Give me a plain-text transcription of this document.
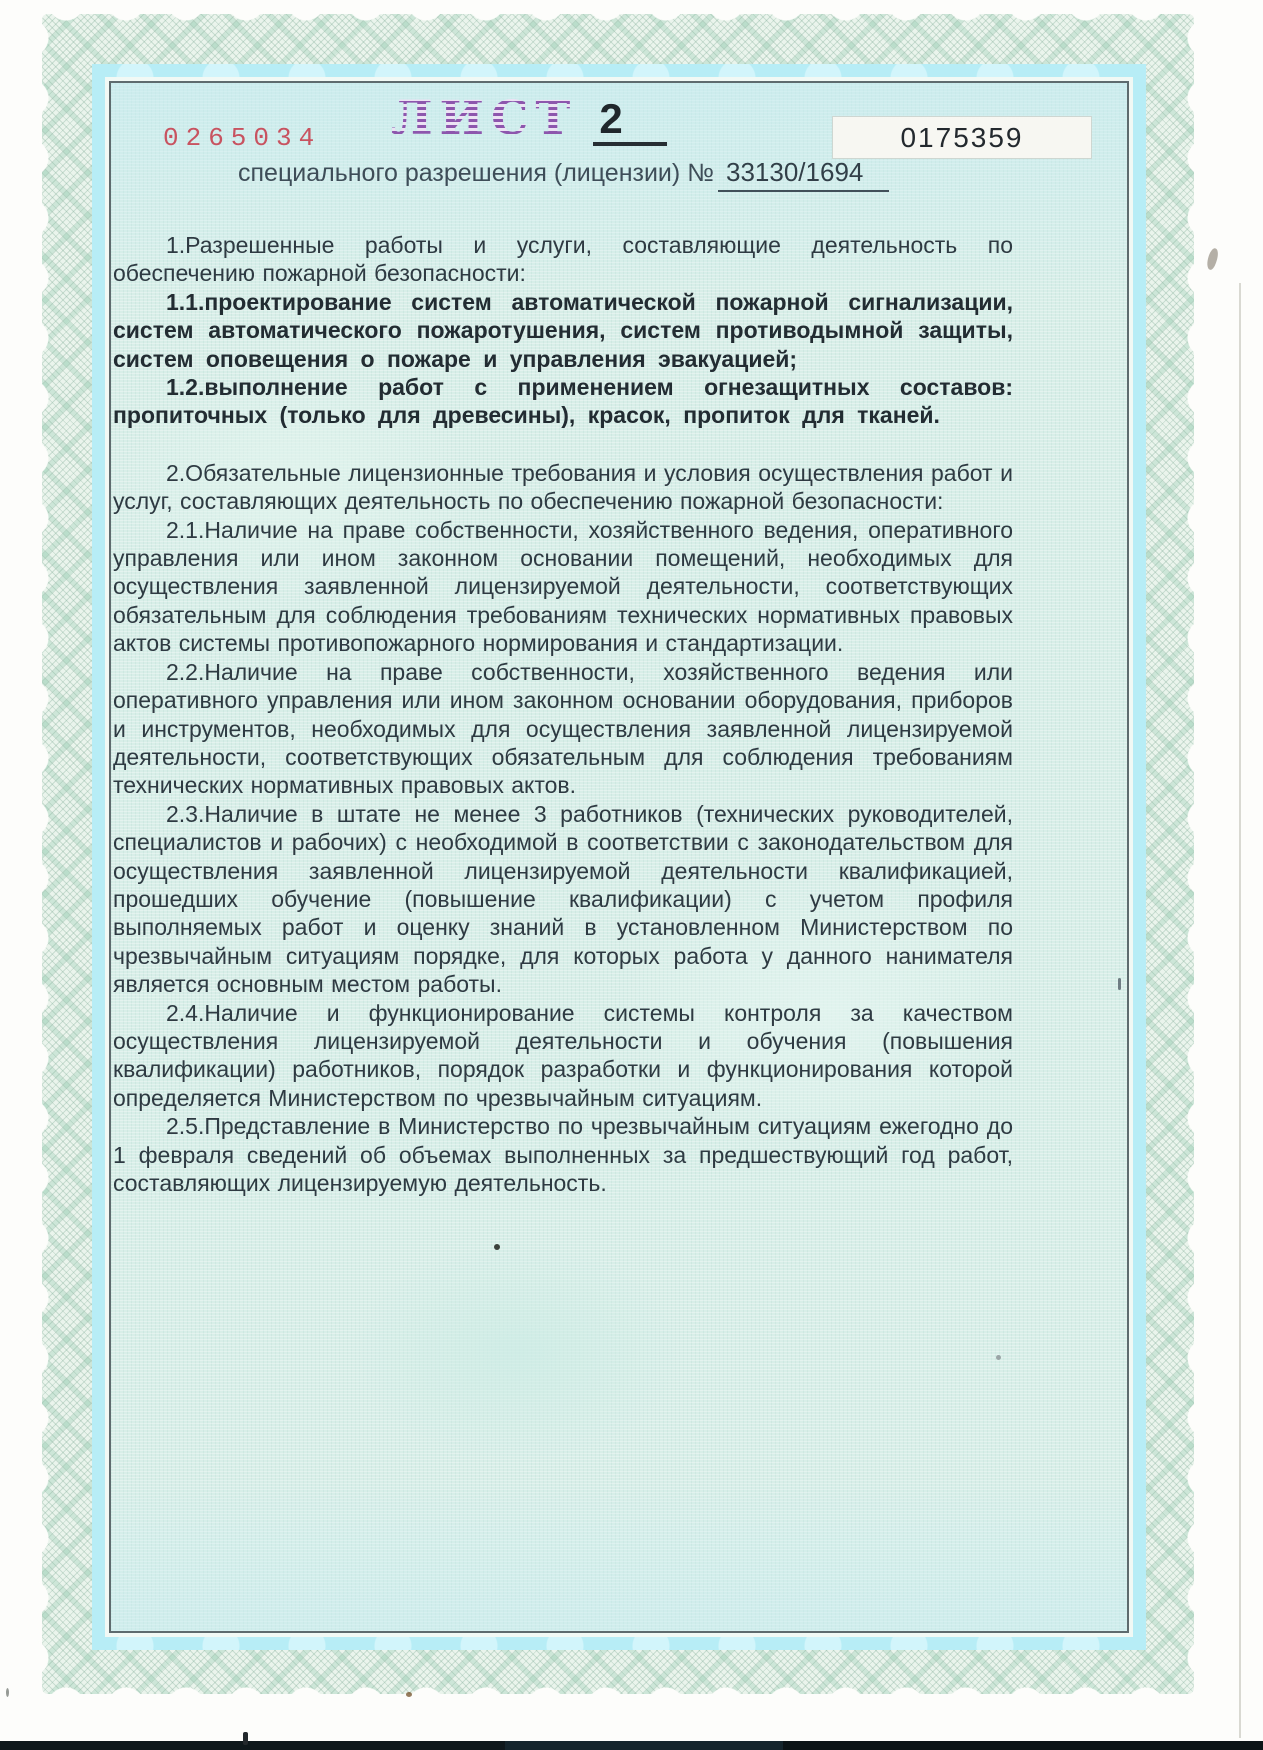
0265034 ЛИСТ 2	0175359
специального разрешения (лицензии) № 33130/1694

1.Разрешенные работы и услуги, составляющие деятельность по обеспечению пожарной безопасности:

1.1.проектирование систем автоматической пожарной сигнализации, систем автоматического пожаротушения, систем противодымной защиты, систем оповещения о пожаре и управления эвакуацией;

1.2.выполнение работ с применением огнезащитных составов: пропиточных (только для древесины), красок, пропиток для тканей.

2.Обязательные лицензионные требования и условия осуществления работ и услуг, составляющих деятельность по обеспечению пожарной безопасности:

2.1.Наличие на праве собственности, хозяйственного ведения, оперативного управления или ином законном основании помещений, необходимых для осуществления заявленной лицензируемой деятельности, соответствующих обязательным для соблюдения требованиям технических нормативных правовых актов системы противопожарного нормирования и стандартизации.

2.2.Наличие на праве собственности, хозяйственного ведения или оперативного управления или ином законном основании оборудования, приборов и инструментов, необходимых для осуществления заявленной лицензируемой деятельности, соответствующих обязательным для соблюдения требованиям технических нормативных правовых актов.

2.3.Наличие в штате не менее 3 работников (технических руководителей, специалистов и рабочих) с необходимой в соответствии с законодательством для осуществления заявленной лицензируемой деятельности квалификацией, прошедших обучение (повышение квалификации) с учетом профиля выполняемых работ и оценку знаний в установленном Министерством по чрезвычайным ситуациям порядке, для которых работа у данного нанимателя является основным местом работы.

2.4.Наличие и функционирование системы контроля за качеством осуществления лицензируемой деятельности и обучения (повышения квалификации) работников, порядок разработки и функционирования которой определяется Министерством по чрезвычайным ситуациям.

2.5.Представление в Министерство по чрезвычайным ситуациям ежегодно до 1 февраля сведений об объемах выполненных за предшествующий год работ, составляющих лицензируемую деятельность.
